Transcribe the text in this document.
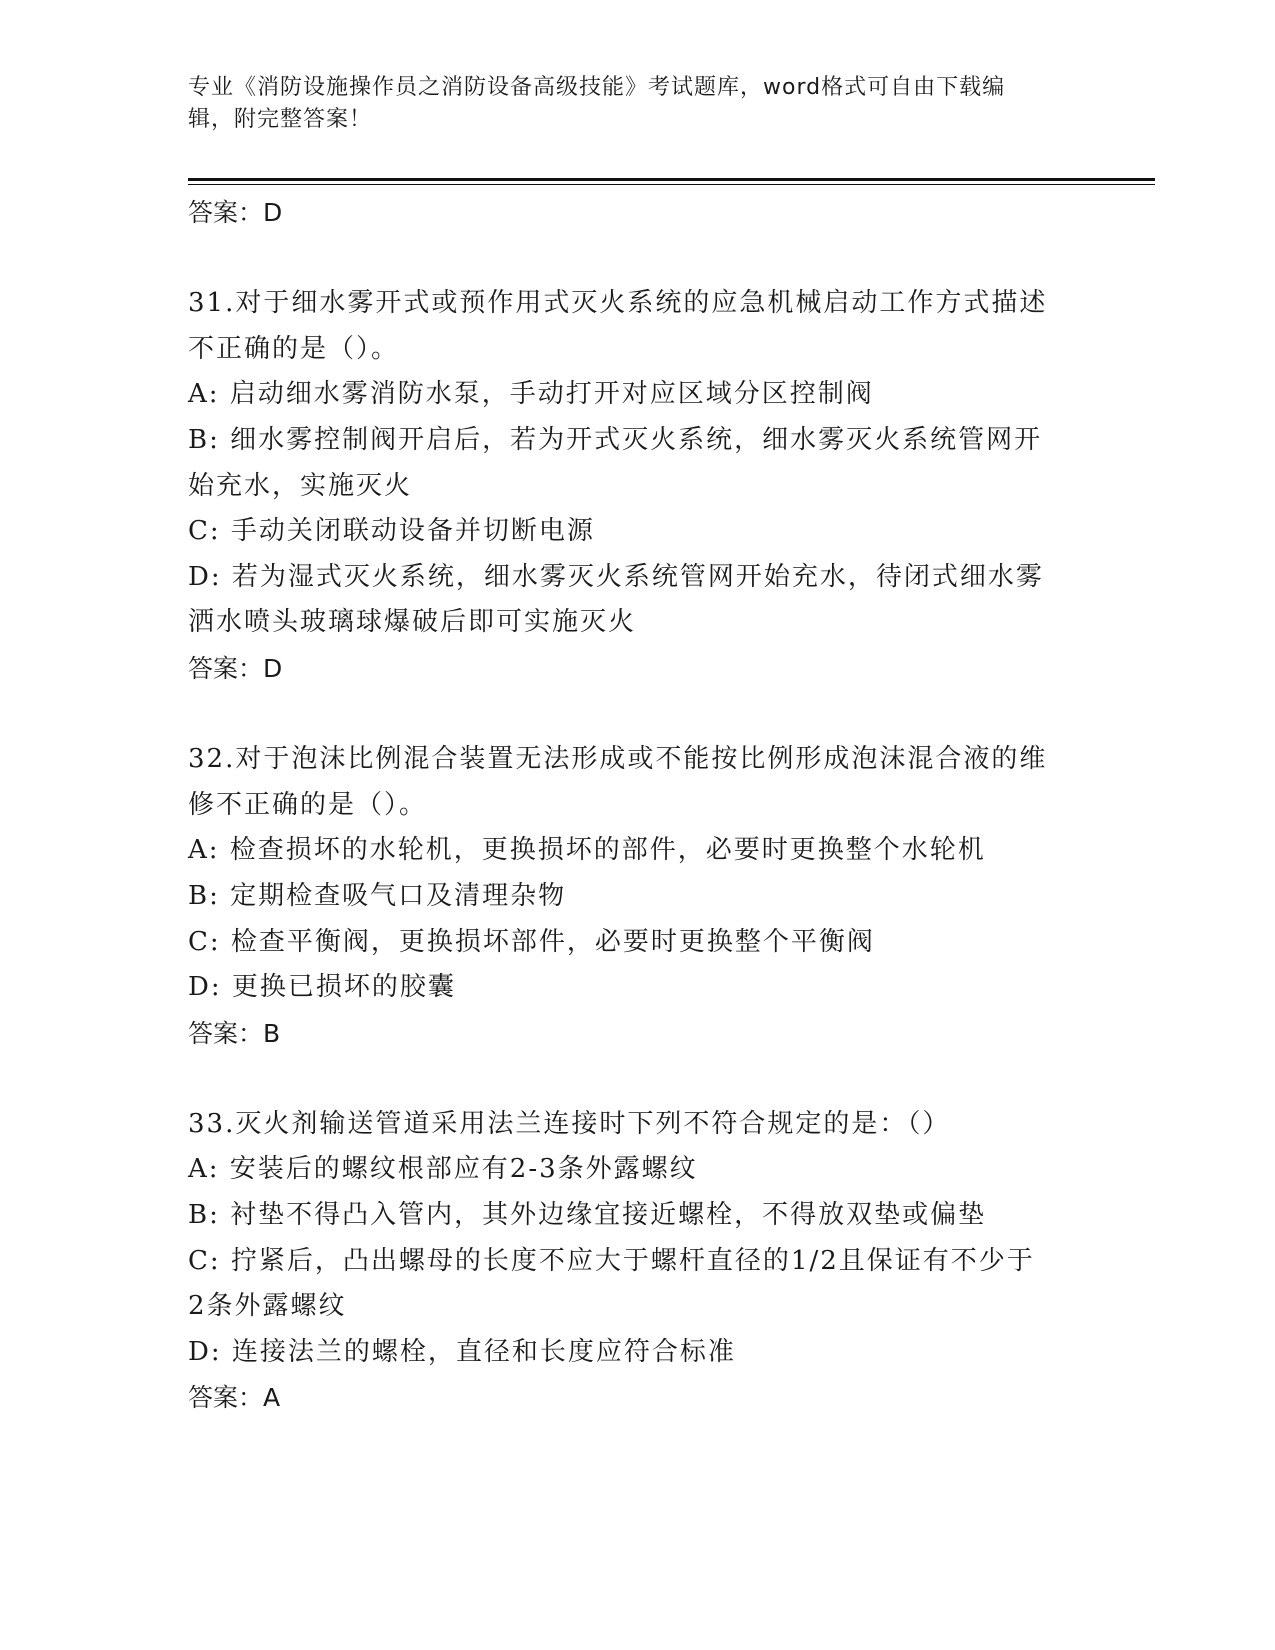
专业《消防设施操作员之消防设备高级技能》考试题库，word格式可自由下载编
辑，附完整答案！
答案：D
31.对于细水雾开式或预作用式灭火系统的应急机械启动工作方式描述
不正确的是（）。
A: 启动细水雾消防水泵，手动打开对应区域分区控制阀
B: 细水雾控制阀开启后，若为开式灭火系统，细水雾灭火系统管网开
始充水，实施灭火
C: 手动关闭联动设备并切断电源
D: 若为湿式灭火系统，细水雾灭火系统管网开始充水，待闭式细水雾
洒水喷头玻璃球爆破后即可实施灭火
答案：D
32.对于泡沫比例混合装置无法形成或不能按比例形成泡沫混合液的维
修不正确的是（）。
A: 检查损坏的水轮机，更换损坏的部件，必要时更换整个水轮机
B: 定期检查吸气口及清理杂物
C: 检查平衡阀，更换损坏部件，必要时更换整个平衡阀
D: 更换已损坏的胶囊
答案：B
33.灭火剂输送管道采用法兰连接时下列不符合规定的是：（）
A: 安装后的螺纹根部应有2-3条外露螺纹
B: 衬垫不得凸入管内，其外边缘宜接近螺栓，不得放双垫或偏垫
C: 拧紧后，凸出螺母的长度不应大于螺杆直径的1/2且保证有不少于
2条外露螺纹
D: 连接法兰的螺栓，直径和长度应符合标准
答案：A
